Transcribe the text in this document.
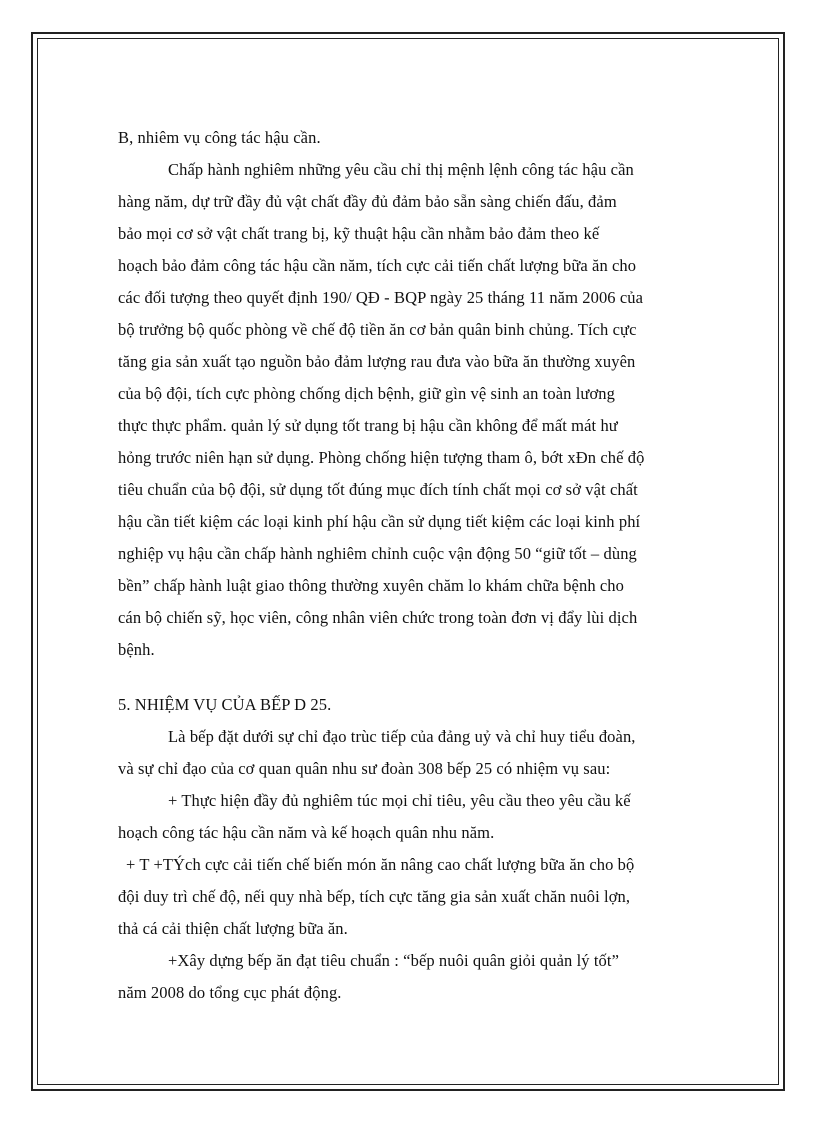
B, nhiêm vụ công tác hậu cần.

Chấp hành nghiêm những yêu cầu chỉ thị mệnh lệnh công tác hậu cần
hàng năm, dự trữ đầy đủ vật chất đầy đủ đảm bảo sẵn sàng chiến đấu, đảm
bảo mọi cơ sở vật chất trang bị, kỹ thuật hậu cần nhằm bảo đảm theo kế
hoạch bảo đảm công tác hậu cần năm, tích cực cải tiến chất lượng bữa ăn cho
các đối tượng theo quyết định 190/ QĐ - BQP ngày 25 tháng 11 năm 2006 của
bộ trưởng bộ quốc phòng về chế độ tiền ăn cơ bản quân binh chủng. Tích cực
tăng gia sản xuất tạo nguồn bảo đảm lượng rau đưa vào bữa ăn thường xuyên
của bộ đội, tích cực phòng chống dịch bệnh, giữ gìn vệ sinh an toàn lương
thực thực phẩm. quản lý sử dụng tốt trang bị hậu cần không để mất mát hư
hỏng trước niên hạn sử dụng. Phòng chống hiện tượng tham ô, bớt xÐn chế độ
tiêu chuẩn của bộ đội, sử dụng tốt đúng mục đích tính chất mọi cơ sở vật chất
hậu cần tiết kiệm các loại kinh phí hậu cần sử dụng tiết kiệm các loại kinh phí
nghiệp vụ hậu cần chấp hành nghiêm chỉnh cuộc vận động 50 “giữ tốt – dùng
bền” chấp hành luật giao thông thường xuyên chăm lo khám chữa bệnh cho
cán bộ chiến sỹ, học viên, công nhân viên chức trong toàn đơn vị đẩy lùi dịch
bệnh.

5. NHIỆM VỤ CỦA BẾP D 25.

Là bếp đặt dưới sự chỉ đạo trùc tiếp của đảng uỷ và chỉ huy tiểu đoàn,
và sự chỉ đạo của cơ quan quân nhu sư đoàn 308 bếp 25 có nhiệm vụ sau:
+ Thực hiện đầy đủ nghiêm túc mọi chỉ tiêu, yêu cầu theo yêu cầu kế
hoạch công tác hậu cần năm và kế hoạch quân nhu năm.
+ T +TÝch cực cải tiến chế biến món ăn nâng cao chất lượng bữa ăn cho bộ
đội duy trì chế độ, nếi quy nhà bếp, tích cực tăng gia sản xuất chăn nuôi lợn,
thả cá cải thiện chất lượng bữa ăn.
+Xây dựng bếp ăn đạt tiêu chuẩn : “bếp nuôi quân giỏi quản lý tốt”
năm 2008 do tổng cục phát động.
